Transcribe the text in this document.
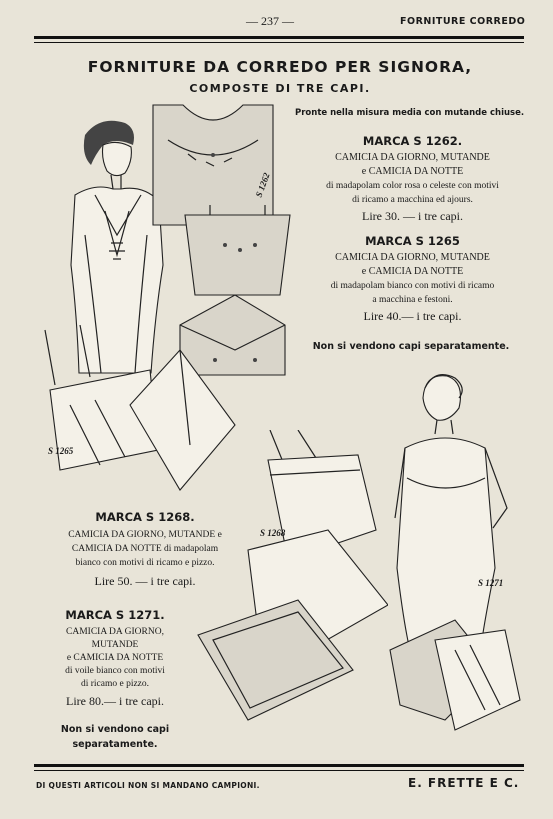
— 237 —	FORNITURE CORREDO
FORNITURE DA CORREDO PER SIGNORA,
COMPOSTE DI TRE CAPI.
Pronte nella misura media con mutande chiuse.
MARCA S 1262.
CAMICIA DA GIORNO, MUTANDE
e CAMICIA DA NOTTE
di madapolam color rosa o celeste con motivi
di ricamo a macchina ed ajours.
Lire 30. — i tre capi.
MARCA S 1265
CAMICIA DA GIORNO, MUTANDE
e CAMICIA DA NOTTE
di madapolam bianco con motivi di ricamo
a macchina e festoni.
Lire 40.— i tre capi.
Non si vendono capi separatamente.
MARCA S 1268.
CAMICIA DA GIORNO, MUTANDE e
CAMICIA DA NOTTE di madapolam
bianco con motivi di ricamo e pizzo.
Lire 50. — i tre capi.
MARCA S 1271.
CAMICIA DA GIORNO,
MUTANDE
e CAMICIA DA NOTTE
di voile bianco con motivi
di ricamo e pizzo.
Lire 80.— i tre capi.
Non si vendono capi
separatamente.
S 1262
S 1265
S 1268
S 1271
DI QUESTI ARTICOLI NON SI MANDANO CAMPIONI.	E. FRETTE E C.
